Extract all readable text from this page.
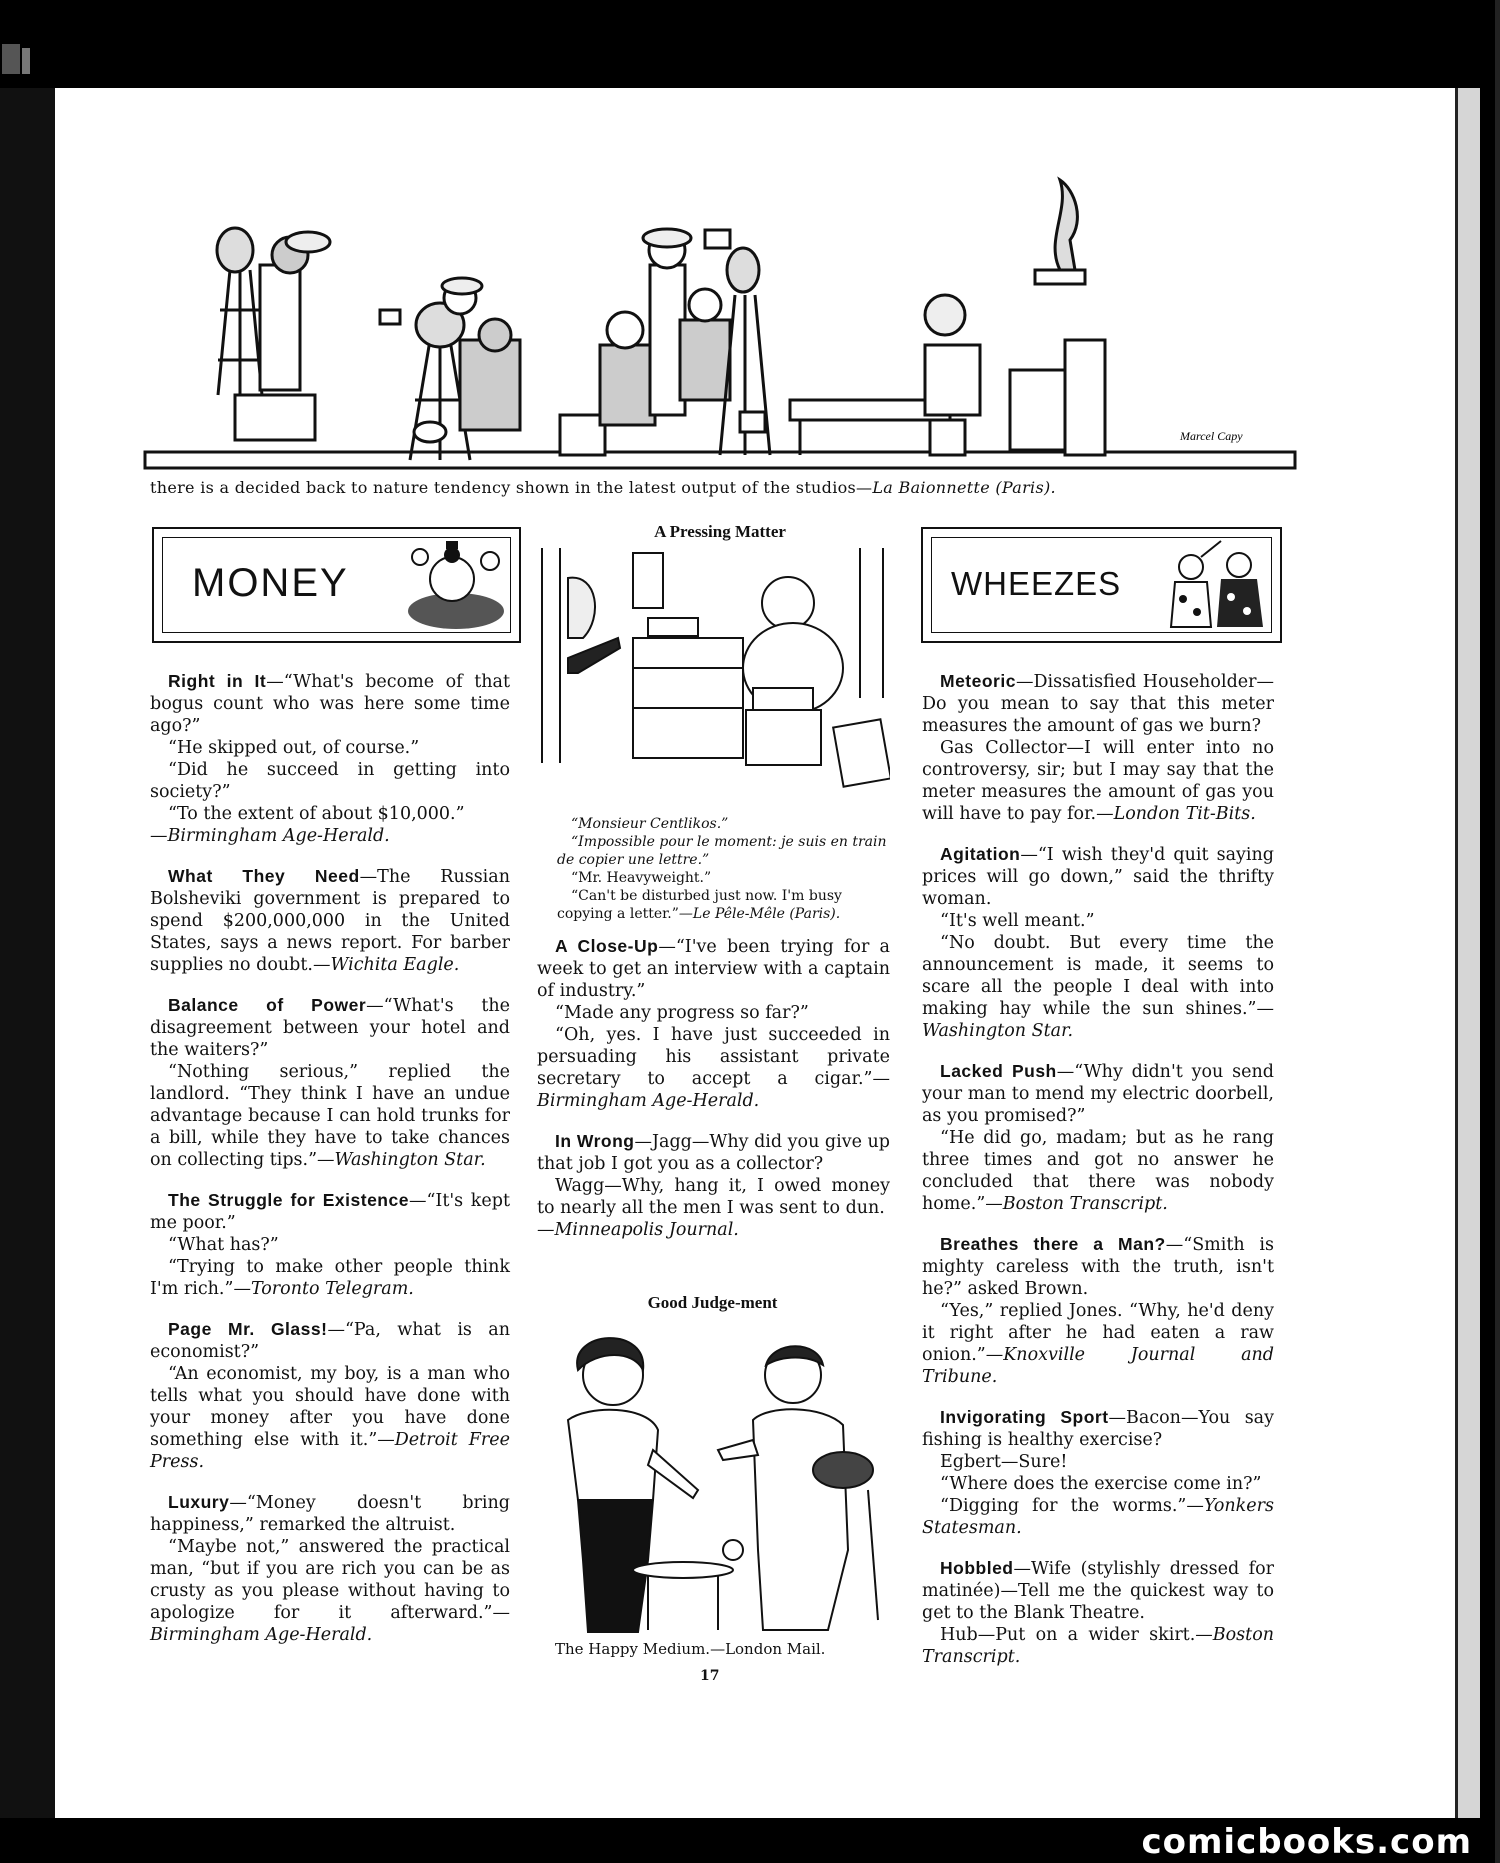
Marcel Capy
there is a decided back to nature tendency shown in the latest output of the studios—La Baionnette (Paris).
MONEY	WHEEZES

Right in It—“What's become of that bogus count who was here some time ago?”

“He skipped out, of course.”

“Did he succeed in getting into society?”

“To the extent of about $10,000.”

—Birmingham Age-Herald.

What They Need—The Russian Bolsheviki government is prepared to spend $200,000,000 in the United States, says a news report. For barber supplies no doubt.—Wichita Eagle.

Balance of Power—“What's the disagreement between your hotel and the waiters?”

“Nothing serious,” replied the landlord. “They think I have an undue advantage because I can hold trunks for a bill, while they have to take chances on collecting tips.”—Washington Star.

The Struggle for Existence—“It's kept me poor.”

“What has?”

“Trying to make other people think I'm rich.”—Toronto Telegram.

Page Mr. Glass!—“Pa, what is an economist?”

“An economist, my boy, is a man who tells what you should have done with your money after you have done something else with it.”—Detroit Free Press.

Luxury—“Money doesn't bring happiness,” remarked the altruist.

“Maybe not,” answered the practical man, “but if you are rich you can be as crusty as you please without having to apologize for it afterward.”—Birmingham Age-Herald.

A Pressing Matter
“Monsieur Centlikos.”
“Impossible pour le moment: je suis en train de copier une lettre.”
“Mr. Heavyweight.”
“Can't be disturbed just now. I'm busy copying a letter.”—Le Pêle-Mêle (Paris).

A Close-Up—“I've been trying for a week to get an interview with a captain of industry.”

“Made any progress so far?”

“Oh, yes. I have just succeeded in persuading his assistant private secretary to accept a cigar.”—Birmingham Age-Herald.

In Wrong—Jagg—Why did you give up that job I got you as a collector?

Wagg—Why, hang it, I owed money to nearly all the men I was sent to dun.

—Minneapolis Journal.

Good Judge-ment
The Happy Medium.—London Mail.

Meteoric—Dissatisfied Householder—Do you mean to say that this meter measures the amount of gas we burn?

Gas Collector—I will enter into no controversy, sir; but I may say that the meter measures the amount of gas you will have to pay for.—London Tit-Bits.

Agitation—“I wish they'd quit saying prices will go down,” said the thrifty woman.

“It's well meant.”

“No doubt. But every time the announcement is made, it seems to scare all the people I deal with into making hay while the sun shines.”—Washington Star.

Lacked Push—“Why didn't you send your man to mend my electric doorbell, as you promised?”

“He did go, madam; but as he rang three times and got no answer he concluded that there was nobody home.”—Boston Transcript.

Breathes there a Man?—“Smith is mighty careless with the truth, isn't he?” asked Brown.

“Yes,” replied Jones. “Why, he'd deny it right after he had eaten a raw onion.”—Knoxville Journal and Tribune.

Invigorating Sport—Bacon—You say fishing is healthy exercise?

Egbert—Sure!

“Where does the exercise come in?”

“Digging for the worms.”—Yonkers Statesman.

Hobbled—Wife (stylishly dressed for matinée)—Tell me the quickest way to get to the Blank Theatre.

Hub—Put on a wider skirt.—Boston Transcript.

17
comicbooks.com
